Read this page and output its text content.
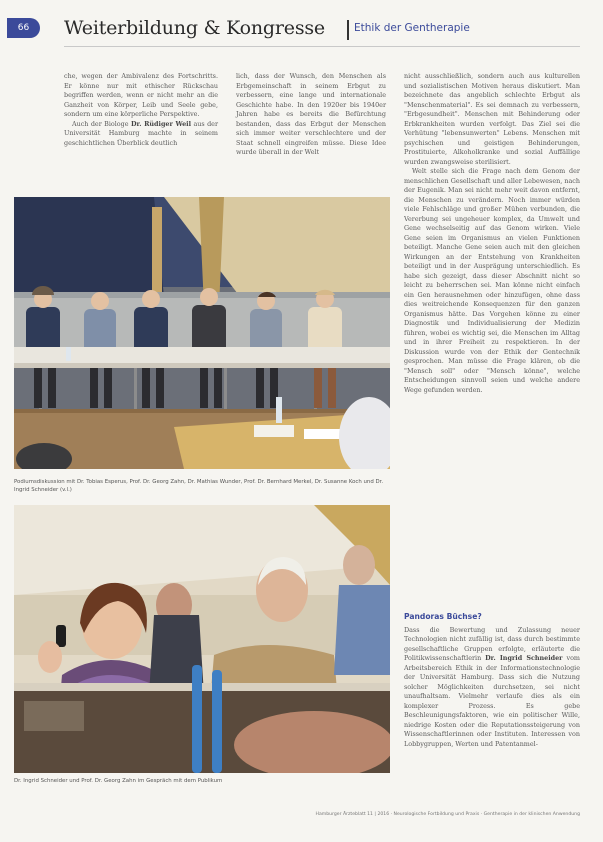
66	Weiterbildung & Kongresse	Ethik der Gentherapie

che, wegen der Ambivalenz des Fortschritts. Er könne nur mit ethischer Rückschau begriffen werden, wenn er nicht mehr an die Ganzheit von Körper, Leib und Seele gebe, sondern um eine körperliche Perspektive.

Auch der Biologe Dr. Rüdiger Weil aus der Universität Hamburg machte in seinem geschichtlichen Überblick deutlich

lich, dass der Wunsch, den Menschen als Erbgemeinschaft in seinem Erbgut zu verbessern, eine lange und internationale Geschichte habe. In den 1920er bis 1940er Jahren habe es bereits die Befürchtung bestanden, dass das Erbgut der Menschen sich immer weiter verschlechtere und der Staat schnell eingreifen müsse. Diese Idee wurde überall in der Welt

nicht ausschließlich, sondern auch aus kulturellen und sozialistischen Motiven heraus diskutiert. Man bezeichnete das angeblich schlechte Erbgut als "Menschenmaterial". Es sei demnach zu verbessern, "Erbgesundheit". Menschen mit Behinderung oder Erbkrankheiten wurden verfolgt. Das Ziel sei die Verhütung "lebensunwerten" Lebens. Menschen mit psychischen und geistigen Behinderungen, Prostituierte, Alkoholkranke und sozial Auffällige wurden zwangsweise sterilisiert.

Welt stelle sich die Frage nach dem Genom der menschlichen Gesellschaft und aller Lebewesen, nach der Eugenik. Man sei nicht mehr weit davon entfernt, die Menschen zu verändern. Noch immer würden viele Fehlschläge und großer Mühen verbunden, die Vererbung sei ungeheuer komplex, da Umwelt und Gene wechselseitig auf das Genom wirken. Viele Gene seien im Organismus an vielen Funktionen beteiligt. Manche Gene seien auch mit den gleichen Wirkungen an der Entstehung von Krankheiten beteiligt und in der Ausprägung unterschiedlich. Es habe sich gezeigt, dass dieser Abschnitt nicht so leicht zu beherrschen sei. Man könne nicht einfach ein Gen herausnehmen oder hinzufügen, ohne dass dies weitreichende Konsequenzen für den ganzen Organismus hätte. Das Vorgehen könne zu einer Diagnostik und Individualisierung der Medizin führen, wobei es wichtig sei, die Menschen im Alltag und in ihrer Freiheit zu respektieren. In der Diskussion wurde von der Ethik der Gentechnik gesprochen. Man müsse die Frage klären, ob die "Mensch soll" oder "Mensch könne", welche Entscheidungen sinnvoll seien und welche andere Wege gefunden werden.

Pandoras Büchse?

Dass die Bewertung und Zulassung neuer Technologien nicht zufällig ist, dass durch bestimmte gesellschaftliche Gruppen erfolgte, erläuterte die Politikwissenschaftlerin Dr. Ingrid Schneider vom Arbeitsbereich Ethik in der Informationstechnologie der Universität Hamburg. Dass sich die Nutzung solcher Möglichkeiten durchsetzen, sei nicht unaufhaltsam. Vielmehr verlaufe dies als ein komplexer Prozess. Es gebe Beschleunigungsfaktoren, wie ein politischer Wille, niedrige Kosten oder die Reputationssteigerung von Wissenschaftlerinnen oder Instituten. Interessen von Lobbygruppen, Werten und Patentanmel-

Podiumsdiskussion mit Dr. Tobias Esperus, Prof. Dr. Georg Zahn, Dr. Mathias Wunder, Prof. Dr. Bernhard Merkel, Dr. Susanne Koch und Dr. Ingrid Schneider (v.l.)
Dr. Ingrid Schneider und Prof. Dr. Georg Zahn im Gespräch mit dem Publikum
Hamburger Ärzteblatt 11 | 2016 · Neurologische Fortbildung und Praxis · Gentherapie in der klinischen Anwendung
